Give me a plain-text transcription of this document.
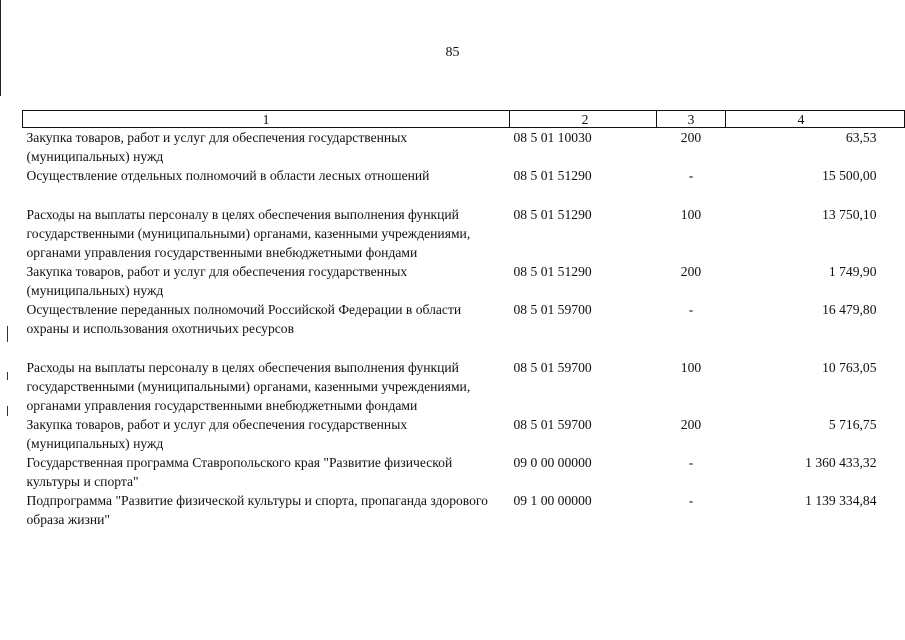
85
1	2	3	4
Закупка товаров, работ и услуг для обеспечения государственных (муниципальных) нужд	08 5 01 10030	200	63,53
Осуществление отдельных полномочий в области лесных отношений	08 5 01 51290	-	15 500,00
Расходы на выплаты персоналу в целях обеспечения выполнения функций государственными (муниципальными) органами, казенными учреждениями, органами управления государственными внебюджетными фондами	08 5 01 51290	100	13 750,10
Закупка товаров, работ и услуг для обеспечения государственных (муниципальных) нужд	08 5 01 51290	200	1 749,90
Осуществление переданных полномочий Российской Федерации в области охраны и использования охотничьих ресурсов	08 5 01 59700	-	16 479,80
Расходы на выплаты персоналу в целях обеспечения выполнения функций государственными (муниципальными) органами, казенными учреждениями, органами управления государственными внебюджетными фондами	08 5 01 59700	100	10 763,05
Закупка товаров, работ и услуг для обеспечения государственных (муниципальных) нужд	08 5 01 59700	200	5 716,75
Государственная программа Ставропольского края "Развитие физической культуры и спорта"	09 0 00 00000	-	1 360 433,32
Подпрограмма "Развитие физической культуры и спорта, пропаганда здорового образа жизни"	09 1 00 00000	-	1 139 334,84
